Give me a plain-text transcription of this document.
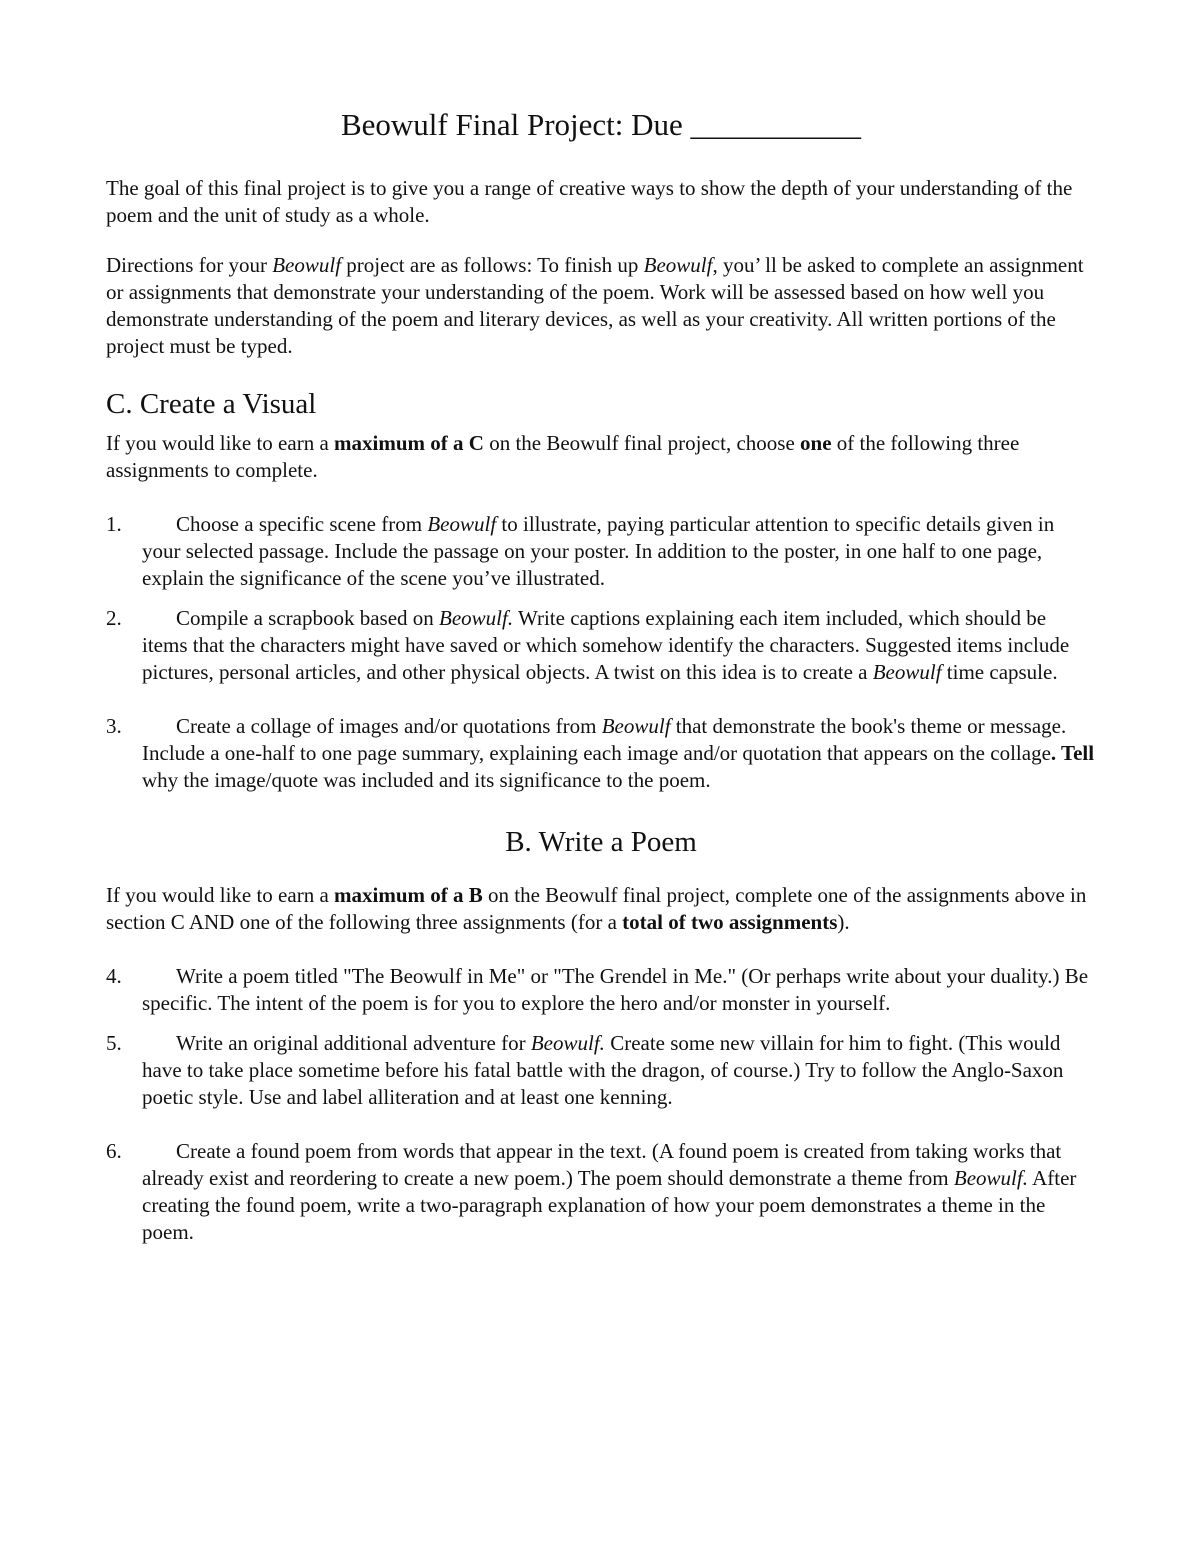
Beowulf Final Project: Due ___________

The goal of this final project is to give you a range of creative ways to show the depth of your understanding of the poem and the unit of study as a whole.

Directions for your Beowulf project are as follows: To finish up Beowulf, you’ ll be asked to complete an assignment or assignments that demonstrate your understanding of the poem. Work will be assessed based on how well you demonstrate understanding of the poem and literary devices, as well as your creativity. All written portions of the project must be typed.

C. Create a Visual

If you would like to earn a maximum of a C on the Beowulf final project, choose one of the following three assignments to complete.

1.	Choose a specific scene from Beowulf to illustrate, paying particular attention to specific details given in your selected passage. Include the passage on your poster. In addition to the poster, in one half to one page, explain the significance of the scene you’ve illustrated.
2.	Compile a scrapbook based on Beowulf. Write captions explaining each item included, which should be items that the characters might have saved or which somehow identify the characters. Suggested items include pictures, personal articles, and other physical objects. A twist on this idea is to create a Beowulf time capsule.
3.	Create a collage of images and/or quotations from Beowulf that demonstrate the book's theme or message. Include a one-half to one page summary, explaining each image and/or quotation that appears on the collage. Tell why the image/quote was included and its significance to the poem.
B. Write a Poem

If you would like to earn a maximum of a B on the Beowulf final project, complete one of the assignments above in section C AND one of the following three assignments (for a total of two assignments).

4.	Write a poem titled "The Beowulf in Me" or "The Grendel in Me." (Or perhaps write about your duality.) Be specific. The intent of the poem is for you to explore the hero and/or monster in yourself.
5.	Write an original additional adventure for Beowulf. Create some new villain for him to fight. (This would have to take place sometime before his fatal battle with the dragon, of course.) Try to follow the Anglo-Saxon poetic style. Use and label alliteration and at least one kenning.
6.	Create a found poem from words that appear in the text. (A found poem is created from taking works that already exist and reordering to create a new poem.) The poem should demonstrate a theme from Beowulf. After creating the found poem, write a two-paragraph explanation of how your poem demonstrates a theme in the poem.
